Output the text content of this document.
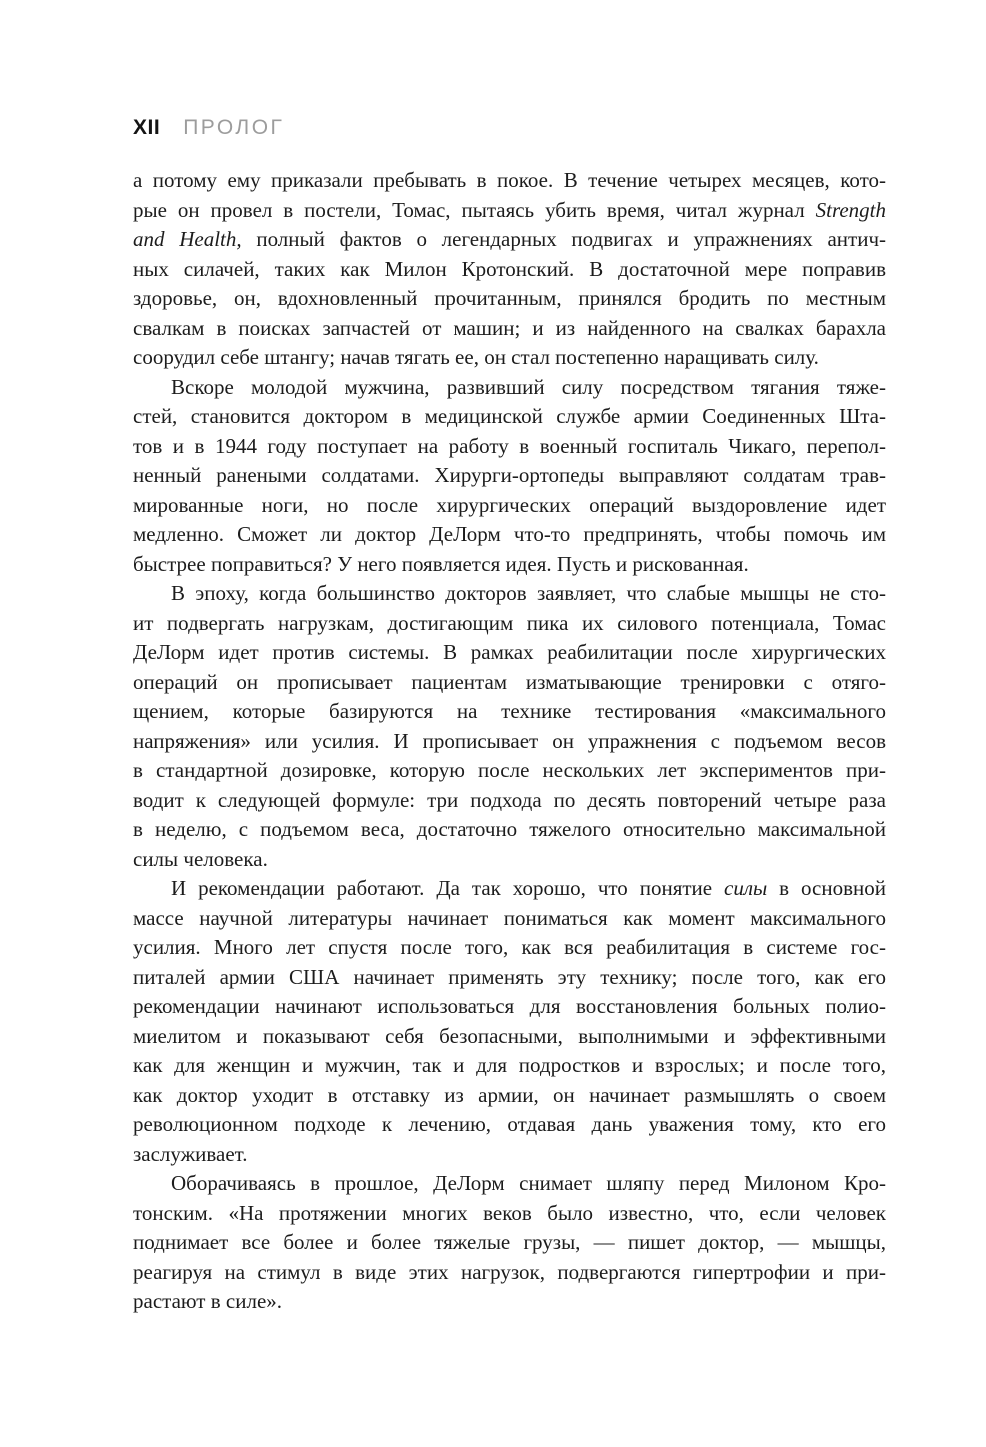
XII ПРОЛОГ
а потому ему приказали пребывать в покое. В течение четырех месяцев, кото-
рые он провел в постели, Томас, пытаясь убить время, читал журнал Strength
and Health, полный фактов о легендарных подвигах и упражнениях антич-
ных силачей, таких как Милон Кротонский. В достаточной мере поправив
здоровье, он, вдохновленный прочитанным, принялся бродить по местным
свалкам в поисках запчастей от машин; и из найденного на свалках барахла
соорудил себе штангу; начав тягать ее, он стал постепенно наращивать силу.
Вскоре молодой мужчина, развивший силу посредством тягания тяже-
стей, становится доктором в медицинской службе армии Соединенных Шта-
тов и в 1944 году поступает на работу в военный госпиталь Чикаго, перепол-
ненный ранеными солдатами. Хирурги-ортопеды выправляют солдатам трав-
мированные ноги, но после хирургических операций выздоровление идет
медленно. Сможет ли доктор ДеЛорм что-то предпринять, чтобы помочь им
быстрее поправиться? У него появляется идея. Пусть и рискованная.
В эпоху, когда большинство докторов заявляет, что слабые мышцы не сто-
ит подвергать нагрузкам, достигающим пика их силового потенциала, Томас
ДеЛорм идет против системы. В рамках реабилитации после хирургических
операций он прописывает пациентам изматывающие тренировки с отяго-
щением, которые базируются на технике тестирования «максимального
напряжения» или усилия. И прописывает он упражнения с подъемом весов
в стандартной дозировке, которую после нескольких лет экспериментов при-
водит к следующей формуле: три подхода по десять повторений четыре раза
в неделю, с подъемом веса, достаточно тяжелого относительно максимальной
силы человека.
И рекомендации работают. Да так хорошо, что понятие силы в основной
массе научной литературы начинает пониматься как момент максимального
усилия. Много лет спустя после того, как вся реабилитация в системе гос-
питалей армии США начинает применять эту технику; после того, как его
рекомендации начинают использоваться для восстановления больных полио-
миелитом и показывают себя безопасными, выполнимыми и эффективными
как для женщин и мужчин, так и для подростков и взрослых; и после того,
как доктор уходит в отставку из армии, он начинает размышлять о своем
революционном подходе к лечению, отдавая дань уважения тому, кто его
заслуживает.
Оборачиваясь в прошлое, ДеЛорм снимает шляпу перед Милоном Кро-
тонским. «На протяжении многих веков было известно, что, если человек
поднимает все более и более тяжелые грузы, — пишет доктор, — мышцы,
реагируя на стимул в виде этих нагрузок, подвергаются гипертрофии и при-
растают в силе».
